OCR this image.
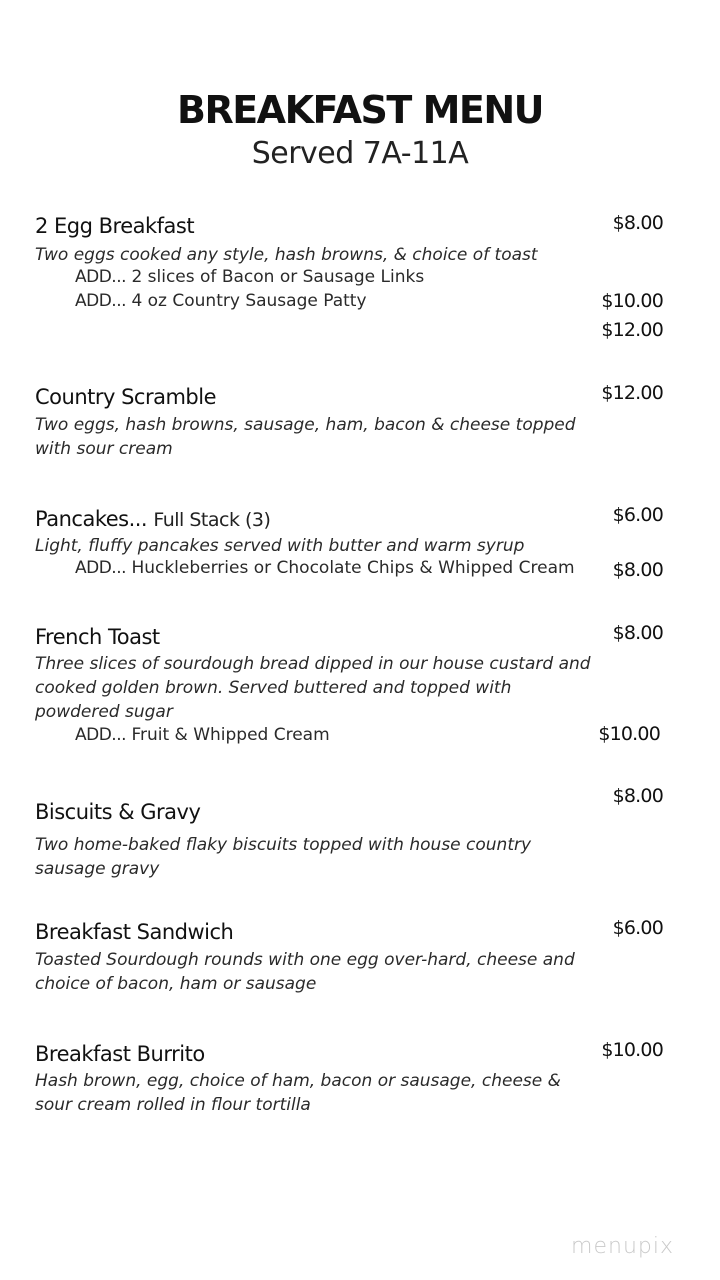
BREAKFAST MENU
Served 7A-11A
2 Egg Breakfast	$8.00
Two eggs cooked any style, hash browns, & choice of toast
ADD... 2 slices of Bacon or Sausage Links
ADD... 4 oz Country Sausage Patty	$10.00
$12.00
Country Scramble	$12.00
Two eggs, hash browns, sausage, ham, bacon & cheese topped with sour cream
Pancakes... Full Stack (3)	$6.00
Light, fluffy pancakes served with butter and warm syrup
ADD... Huckleberries or Chocolate Chips & Whipped Cream $8.00
French Toast	$8.00
Three slices of sourdough bread dipped in our house custard and cooked golden brown. Served buttered and topped with powdered sugar
ADD... Fruit & Whipped Cream	$10.00
Biscuits & Gravy
$8.00
Two home-baked flaky biscuits topped with house country sausage gravy
Breakfast Sandwich	$6.00
Toasted Sourdough rounds with one egg over-hard, cheese and choice of bacon, ham or sausage
Breakfast Burrito	$10.00
Hash brown, egg, choice of ham, bacon or sausage, cheese & sour cream rolled in flour tortilla
menupix
